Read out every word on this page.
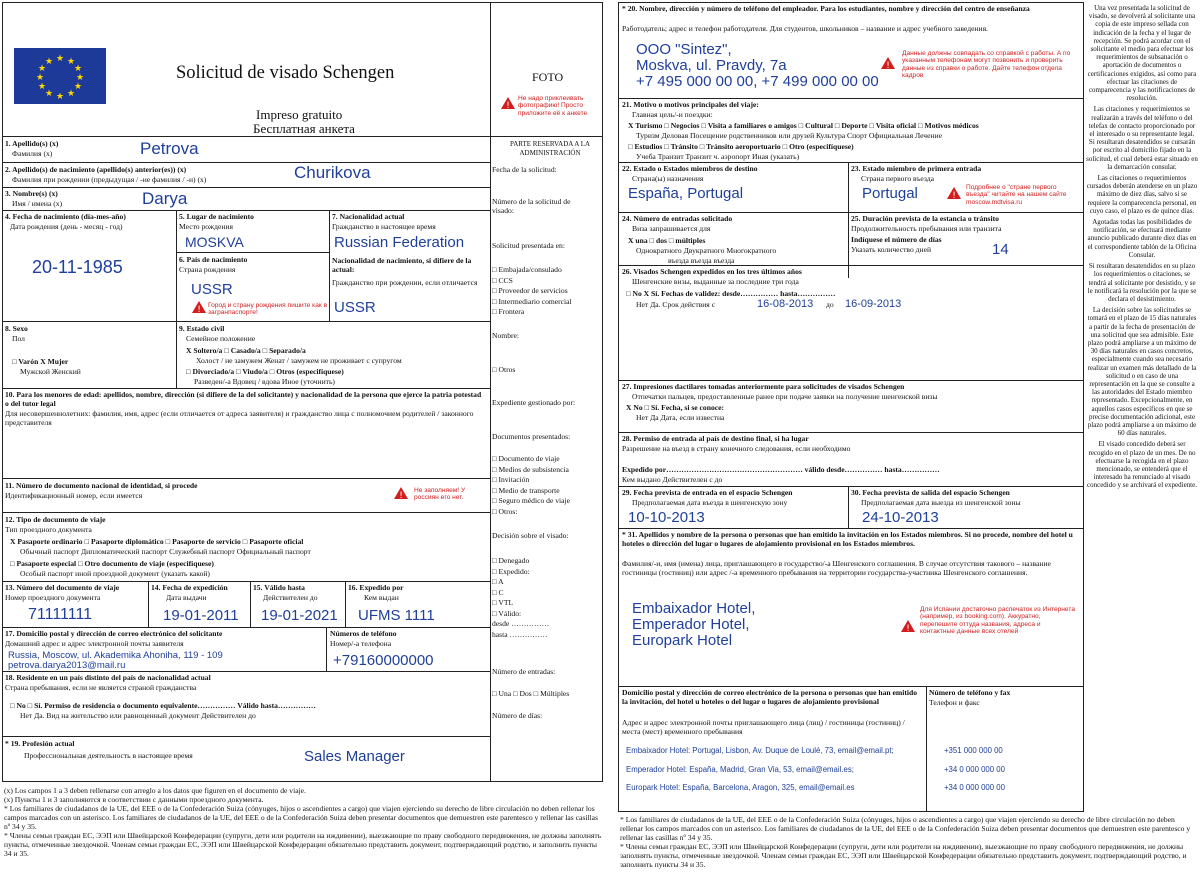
★ ★
★
★
★
★
★
★
★
★
★
★
Solicitud de visado Schengen
Impreso gratuito
Бесплатная анкета
FOTO
!
Не надо приклеивать фотографию! Просто приложите её к анкете
PARTE RESERVADA A LA ADMINISTRACIÓN
Fecha de la solicitud:
Número de la solicitud de visado:
Solicitud presentada en:
□ Embajada/consulado
□ CCS
□ Proveedor de servicios
□ Intermediario comercial
□ Frontera
Nombre:
□ Otros
Expediente gestionado por:
Documentos presentados:
□ Documento de viaje
□ Medios de subsistencia
□ Invitación
□ Medio de transporte
□ Seguro médico de viaje
□ Otros:
Decisión sobre el visado:
□ Denegado
□ Expedido:
□ A
□ C
□ VTL
□ Válido:
desde ……………
hasta ……………
Número de entradas:
□ Una □ Dos □ Múltiples
Número de días:
1. Apellido(s) (x)
Фамилия (x)	Petrova
2. Apellido(s) de nacimiento (apellido(s) anterior(es)) (x)
Фамилия при рождении (предыдущая / -ие фамилия / -и) (x)	Churikova
3. Nombre(s) (x)
Имя / имена (x)	Darya
4. Fecha de nacimiento (día-mes-año)
Дата рождения (день - месяц - год)
20-11-1985
5. Lugar de nacimiento
Место рождения
MOSKVA
6. País de nacimiento
Страна рождения
USSR
! Город и страну рождения пишите как в загранпаспорте!
7. Nacionalidad actual
Гражданство в настоящее время
Russian Federation
Nacionalidad de nacimiento, si difiere de la actual:
Гражданство при рождении, если отличается
USSR
8. Sexo
Пол
□ Varón X Mujer
Мужской Женский
9. Estado civil
Семейное положение
X Soltero/a □ Casado/a □ Separado/a
Холост / не замужем Женат / замужем не проживает с супругом
□ Divorciado/a □ Viudo/a □ Otros (especifíquese)
Разведен/-а Вдовец / вдова Иное (уточнить)
10. Para los menores de edad: apellidos, nombre, dirección (si difiere de la del solicitante) y nacionalidad de la persona que ejerce la patria potestad o del tutor legal
Для несовершеннолетних: фамилия, имя, адрес (если отличается от адреса заявителя) и гражданство лица с полномочием родителей / законного представителя
11. Número de documento nacional de identidad, si procede
Идентификационный номер, если имеется	!
Не заполняем! У россиян его нет.
12. Tipo de documento de viaje
Тип проездного документа
X Pasaporte ordinario □ Pasaporte diplomático □ Pasaporte de servicio □ Pasaporte oficial
Обычный паспорт Дипломатический паспорт Служебный паспорт Официальный паспорт
□ Pasaporte especial □ Otro documento de viaje (especifíquese)
Особый паспорт иной проездной документ (указать какой)
13. Número del documento de viaje
Номер проездного документа
71111111
14. Fecha de expedición
Дата выдачи
19-01-2011
15. Válido hasta
Действителен до
19-01-2021
16. Expedido por
Кем выдан
UFMS 1111
17. Domicilio postal y dirección de correo electrónico del solicitante
Домашний адрес и адрес электронной почты заявителя
Russia, Moscow, ul. Akademika Ahoniha, 119 - 109
petrova.darya2013@mail.ru
Números de teléfono
Номер/-а телефона
+79160000000
18. Residente en un país distinto del país de nacionalidad actual
Страна пребывания, если не является страной гражданства
□ No □ Sí. Permiso de residencia o documento equivalente…………… Válido hasta……………
Нет Да. Вид на жительство или равноценный документ Действителен до
* 19. Profesión actual
Профессиональная деятельность в настоящее время	Sales Manager
(x) Los campos 1 a 3 deben rellenarse con arreglo a los datos que figuren en el documento de viaje.
(x) Пункты 1 и 3 заполняются в соответствии с данными проездного документа.
* Los familiares de ciudadanos de la UE, del EEE o de la Confederación Suiza (cónyuges, hijos o ascendientes a cargo) que viajen ejerciendo su derecho de libre circulación no deben rellenar los campos marcados con un asterisco. Los familiares de ciudadanos de la UE, del EEE o de la Confederación Suiza deben presentar documentos que demuestren este parentesco y rellenar las casillas nº 34 y 35.
* Члены семьи граждан ЕС, ЭЭП или Швейцарской Конфедерации (супруги, дети или родители на иждивении), выезжающие по праву свободного передвижения, не должны заполнять пункты, отмеченные звездочкой. Членам семьи граждан ЕС, ЭЭП или Швейцарской Конфедерации обязательно представить документ, подтверждающий родство, и заполнить пункты 34 и 35.
* 20. Nombre, dirección y número de teléfono del empleador. Para los estudiantes, nombre y dirección del centro de enseñanza
Работодатель; адрес и телефон работодателя. Для студентов, школьников – название и адрес учебного заведения.
OOO "Sintez",
Moskva, ul. Pravdy, 7a
+7 495 000 00 00, +7 499 000 00 00
!
Данные должны совпадать со справкой с работы. А по указанным телефонам могут позвонить и проверить данные из справки о работе. Дайте телефон отдела кадров
21. Motivo o motivos principales del viaje:
Главная цель/-и поездки:
X Turismo □ Negocios □ Visita a familiares o amigos □ Cultural □ Deporte □ Visita oficial □ Motivos médicos
Туризм Деловая Посещение родственников или друзей Культура Спорт Официальная Лечение
□ Estudios □ Tránsito □ Tránsito aeroportuario □ Otro (especifíquese)
Учеба Транзит Транзит ч. аэропорт Иная (указать)
22. Estado o Estados miembros de destino
Страна(ы) назначения
España, Portugal
23. Estado miembro de primera entrada
Страна первого въезда
Portugal	!
Подробнее о "стране первого въезда" читайте на нашем сайте moscow.mdtvisa.ru
24. Número de entradas solicitado
Виза запрашивается для
X una □ dos □ múltiples
Однократного Двукратного Многократного
въезда въезда въезда
25. Duración prevista de la estancia o tránsito
Продолжительность пребывания или транзита
Indíquese el número de días
Указать количество дней	14
26. Visados Schengen expedidos en los tres últimos años
Шенгенские визы, выданные за последние три года
□ No X Sí. Fechas de validez: desde…………… hasta……………
Нет Да. Срок действия с	16-08-2013 до 16-09-2013
27. Impresiones dactilares tomadas anteriormente para solicitudes de visados Schengen
Отпечатки пальцев, предоставленные ранее при подаче заявки на получение шенгенской визы
X No □ Sí. Fecha, si se conoce:
Нет Да Дата, если известна
28. Permiso de entrada al país de destino final, si ha lugar
Разрешение на въезд в страну конечного следования, если необходимо
Expedido por……………………………………………… válido desde…………… hasta……………
Кем выдано Действителен с до
29. Fecha prevista de entrada en el espacio Schengen
Предполагаемая дата въезда в шенгенскую зону
10-10-2013
30. Fecha prevista de salida del espacio Schengen
Предполагаемая дата выезда из шенгенской зоны
24-10-2013
* 31. Apellidos y nombre de la persona o personas que han emitido la invitación en los Estados miembros. Si no procede, nombre del hotel u hoteles o dirección del lugar o lugares de alojamiento provisional en los Estados miembros.
Фамилия/-и, имя (имена) лица, приглашающего в государство/-а Шенгенского соглашения. В случае отсутствия такового – название гостиницы (гостиниц) или адрес /-а временного пребывания на территории государства-участника Шенгенского соглашения.
Embaixador Hotel,
Emperador Hotel,
Europark Hotel
!
Для Испании достаточно распечаток из Интернета (например, из booking.com). Аккуратно, перепешите оттуда названия, адреса и контактные данные всех отелей
Domicilio postal y dirección de correo electrónico de la persona o personas que han emitido la invitación, del hotel u hoteles o del lugar o lugares de alojamiento provisional
Адрес и адрес электронной почты приглашающего лица (лиц) / гостиницы (гостиниц) / места (мест) временного пребывания
Número de teléfono y fax
Телефон и факс
Embaixador Hotel: Portugal, Lisbon, Av. Duque de Loulé, 73, email@email.pt;	+351 000 000 00
Emperador Hotel: España, Madrid, Gran Via, 53, email@email.es;	+34 0 000 000 00
Europark Hotel: España, Barcelona, Aragon, 325, email@email.es	+34 0 000 000 00
* Los familiares de ciudadanos de la UE, del EEE o de la Confederación Suiza (cónyuges, hijos o ascendientes a cargo) que viajen ejerciendo su derecho de libre circulación no deben rellenar los campos marcados con un asterisco. Los familiares de ciudadanos de la UE, del EEE o de la Confederación Suiza deben presentar documentos que demuestren este parentesco y rellenar las casillas nº 34 y 35.
* Члены семьи граждан ЕС, ЭЭП или Швейцарской Конфедерации (супруги, дети или родители на иждивении), выезжающие по праву свободного передвижения, не должны заполнять пункты, отмеченные звездочкой. Членам семьи граждан ЕС, ЭЭП или Швейцарской Конфедерации обязательно представить документ, подтверждающий родство, и заполнить пункты 34 и 35.
Una vez presentada la solicitud de visado, se devolverá al solicitante una copia de este impreso sellada con indicación de la fecha y el lugar de recepción. Se podrá acordar con el solicitante el medio para efectuar los requerimientos de subsanación o aportación de documentos o certificaciones exigidos, así como para efectuar las citaciones de comparecencia y las notificaciones de resolución.
Las citaciones y requerimientos se realizarán a través del teléfono o del telefax de contacto proporcionado por el interesado o su representante legal. Si resultaran desatendidos se cursarán por escrito al domicilio fijado en la solicitud, el cual deberá estar situado en la demarcación consular.
Las citaciones o requerimientos cursados deberán atenderse en un plazo máximo de diez días, salvo si se requiere la comparecencia personal, en cuyo caso, el plazo es de quince días.
Agotadas todas las posibilidades de notificación, se efectuará mediante anuncio publicado durante diez días en el correspondiente tablón de la Oficina Consular.
Si resultaran desatendidos en su plazo los requerimientos o citaciones, se tendrá al solicitante por desistido, y se le notificará la resolución por la que se declara el desistimiento.
La decisión sobre las solicitudes se tomará en el plazo de 15 días naturales a partir de la fecha de presentación de una solicitud que sea admisible. Este plazo podrá ampliarse a un máximo de 30 días naturales en casos concretos, especialmente cuando sea necesario realizar un examen más detallado de la solicitud o en caso de una representación en la que se consulte a las autoridades del Estado miembro representado. Excepcionalmente, en aquellos casos específicos en que se precise documentación adicional, este plazo podrá ampliarse a un máximo de 60 días naturales.
El visado concedido deberá ser recogido en el plazo de un mes. De no efectuarse la recogida en el plazo mencionado, se entenderá que el interesado ha renunciado al visado concedido y se archivará el expediente.
